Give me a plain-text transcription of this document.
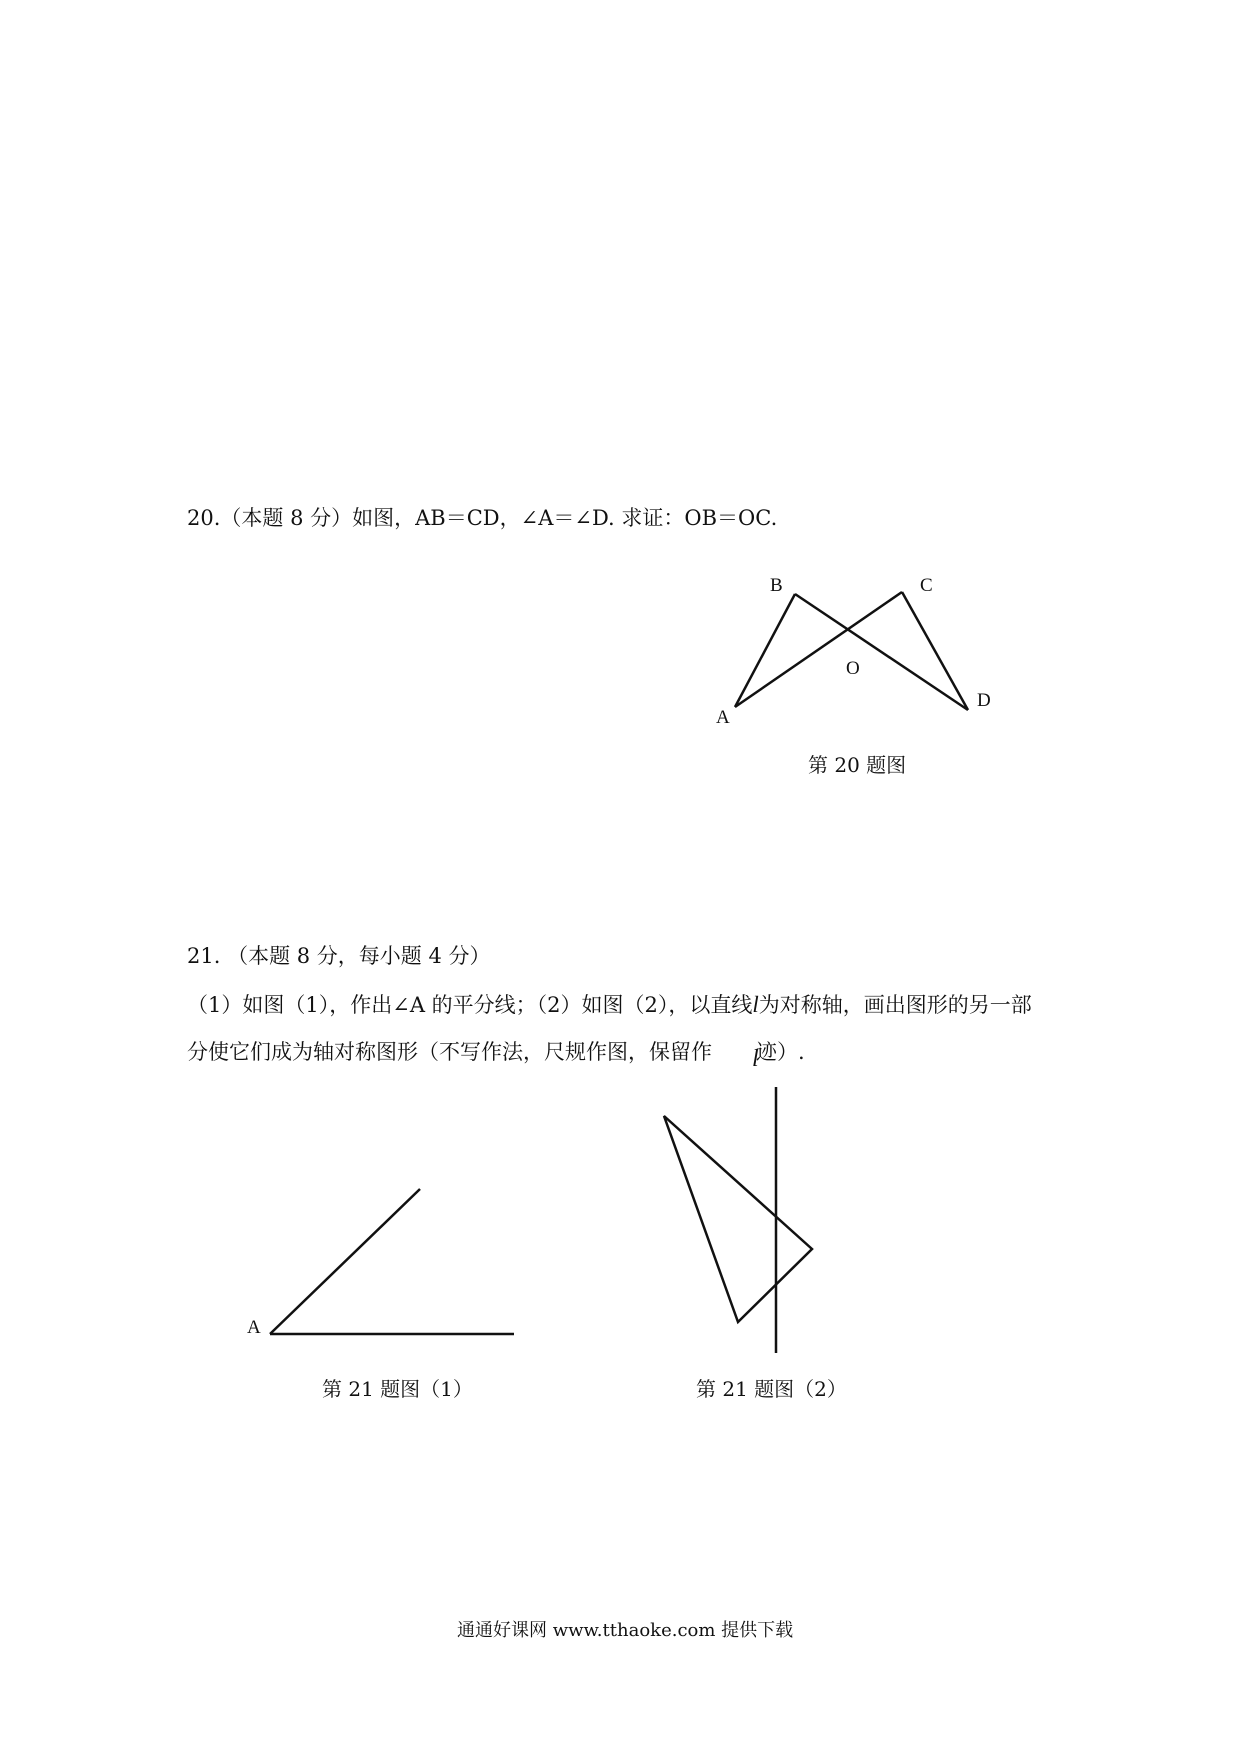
20.（本题 8 分）如图，AB＝CD，∠A＝∠D. 求证：OB＝OC.
B	C
O
A
D
第 20 题图
21. （本题 8 分，每小题 4 分）
（1）如图（1），作出∠A 的平分线；（2）如图（2），以直线l为对称轴，画出图形的另一部
分使它们成为轴对称图形（不写作法，尺规作图，保留作 迹）.
l
A
第 21 题图（1）	第 21 题图（2）
通通好课网 www.tthaoke.com 提供下载
